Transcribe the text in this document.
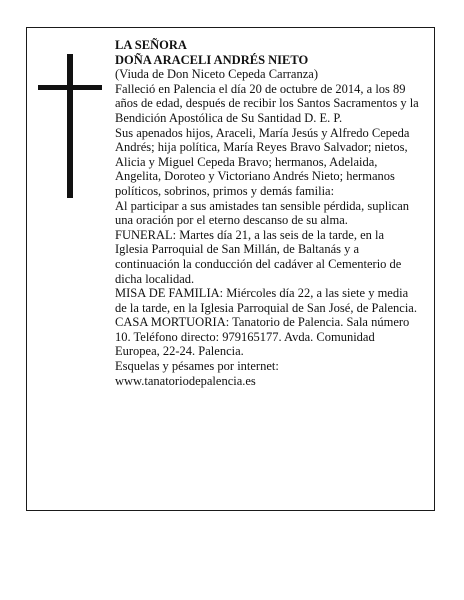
LA SEÑORA

DOÑA ARACELI ANDRÉS NIETO

(Viuda de Don Niceto Cepeda Carranza)

Falleció en Palencia el día 20 de octubre de 2014, a los 89 años de edad, después de recibir los Santos Sacramentos y la Bendición Apostólica de Su Santidad D. E. P.

Sus apenados hijos, Araceli, María Jesús y Alfredo Cepeda Andrés; hija política, María Reyes Bravo Salvador; nietos, Alicia y Miguel Cepeda Bravo; hermanos, Adelaida, Angelita, Doroteo y Victoriano Andrés Nieto; hermanos políticos, sobrinos, primos y demás familia:

Al participar a sus amistades tan sensible pérdida, suplican una oración por el eterno descanso de su alma.

FUNERAL: Martes día 21, a las seis de la tarde, en la Iglesia Parroquial de San Millán, de Baltanás y a continuación la conducción del cadáver al Cementerio de dicha localidad.

MISA DE FAMILIA: Miércoles día 22, a las siete y media de la tarde, en la Iglesia Parroquial de San José, de Palencia.

CASA MORTUORIA: Tanatorio de Palencia. Sala número 10. Teléfono directo: 979165177. Avda. Comunidad Europea, 22-24. Palencia.

Esquelas y pésames por internet:

www.tanatoriodepalencia.es
